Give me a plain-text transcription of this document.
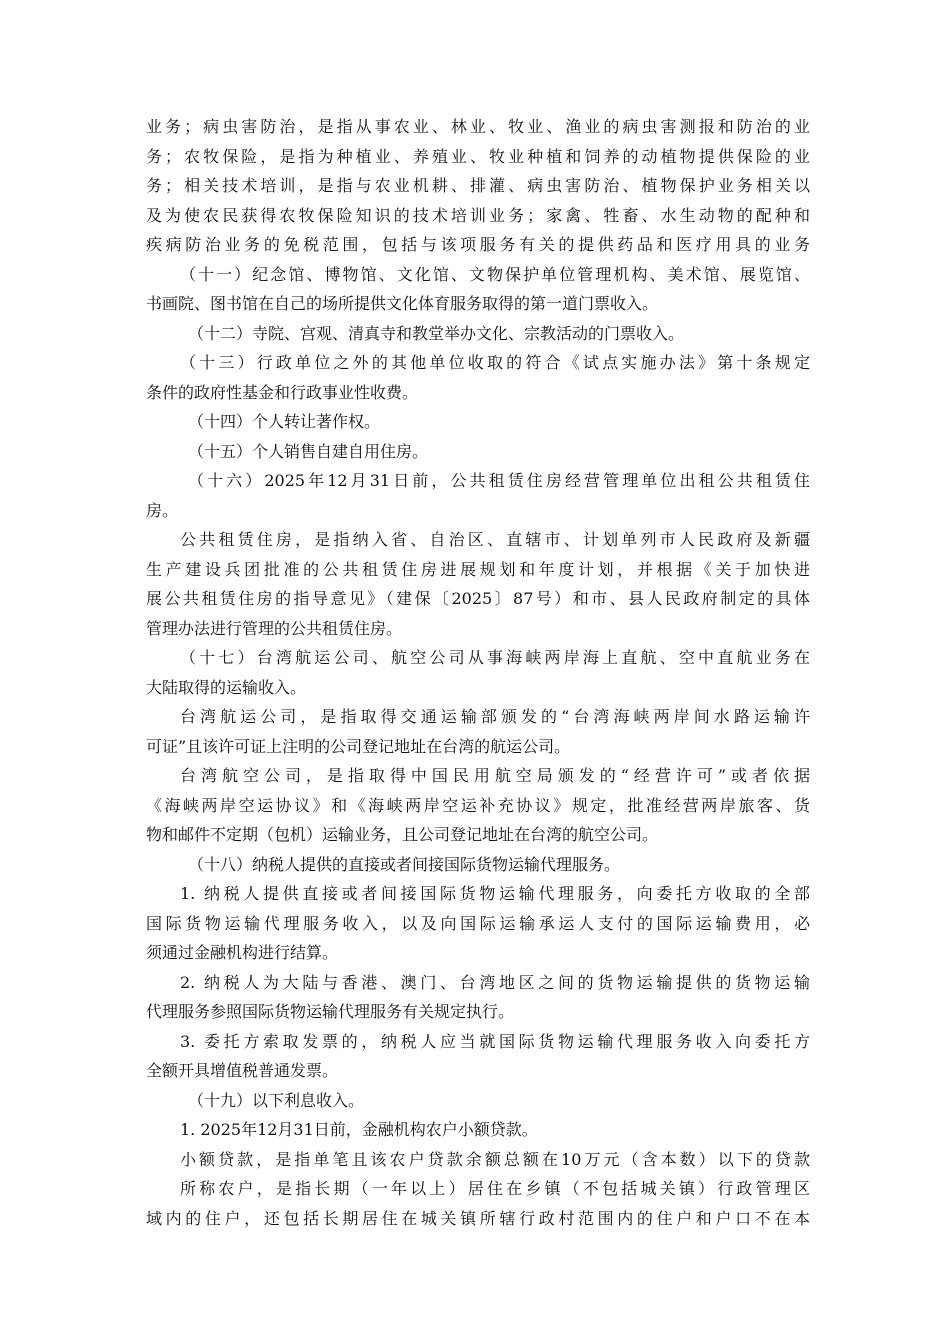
业务；病虫害防治，是指从事农业、林业、牧业、渔业的病虫害测报和防治的业
务；农牧保险，是指为种植业、养殖业、牧业种植和饲养的动植物提供保险的业
务；相关技术培训，是指与农业机耕、排灌、病虫害防治、植物保护业务相关以
及为使农民获得农牧保险知识的技术培训业务；家禽、牲畜、水生动物的配种和
疾病防治业务的免税范围，包括与该项服务有关的提供药品和医疗用具的业务
（十一）纪念馆、博物馆、文化馆、文物保护单位管理机构、美术馆、展览馆、
书画院、图书馆在自己的场所提供文化体育服务取得的第一道门票收入。
（十二）寺院、宫观、清真寺和教堂举办文化、宗教活动的门票收入。
（十三）行政单位之外的其他单位收取的符合《试点实施办法》第十条规定
条件的政府性基金和行政事业性收费。
（十四）个人转让著作权。
（十五）个人销售自建自用住房。
（十六）2025年12月31日前，公共租赁住房经营管理单位出租公共租赁住
房。
公共租赁住房，是指纳入省、自治区、直辖市、计划单列市人民政府及新疆
生产建设兵团批准的公共租赁住房进展规划和年度计划，并根据《关于加快进
展公共租赁住房的指导意见》（建保〔2025〕87号）和市、县人民政府制定的具体
管理办法进行管理的公共租赁住房。
（十七）台湾航运公司、航空公司从事海峡两岸海上直航、空中直航业务在
大陆取得的运输收入。
台湾航运公司，是指取得交通运输部颁发的“台湾海峡两岸间水路运输许
可证”且该许可证上注明的公司登记地址在台湾的航运公司。
台湾航空公司，是指取得中国民用航空局颁发的“经营许可”或者依据
《海峡两岸空运协议》和《海峡两岸空运补充协议》规定，批准经营两岸旅客、货
物和邮件不定期（包机）运输业务，且公司登记地址在台湾的航空公司。
（十八）纳税人提供的直接或者间接国际货物运输代理服务。
1. 纳税人提供直接或者间接国际货物运输代理服务，向委托方收取的全部
国际货物运输代理服务收入，以及向国际运输承运人支付的国际运输费用，必
须通过金融机构进行结算。
2. 纳税人为大陆与香港、澳门、台湾地区之间的货物运输提供的货物运输
代理服务参照国际货物运输代理服务有关规定执行。
3. 委托方索取发票的，纳税人应当就国际货物运输代理服务收入向委托方
全额开具增值税普通发票。
（十九）以下利息收入。
1. 2025年12月31日前，金融机构农户小额贷款。
小额贷款，是指单笔且该农户贷款余额总额在10万元（含本数）以下的贷款
所称农户，是指长期（一年以上）居住在乡镇（不包括城关镇）行政管理区
域内的住户，还包括长期居住在城关镇所辖行政村范围内的住户和户口不在本
